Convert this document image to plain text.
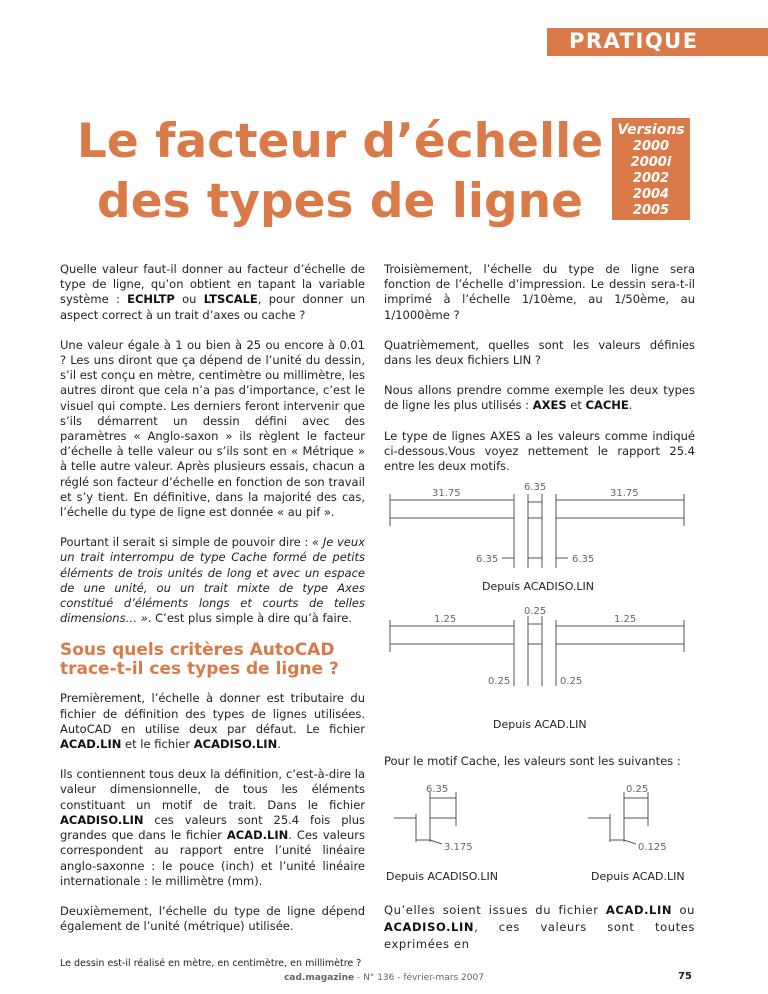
PRATIQUE
Le facteur d’échelle
des types de ligne
Versions
2000
2000i
2002
2004
2005

Quelle valeur faut-il donner au facteur d’échelle de type de ligne, qu’on obtient en tapant la variable système : ECHLTP ou LTSCALE, pour donner un aspect correct à un trait d’axes ou cache ?

Une valeur égale à 1 ou bien à 25 ou encore à 0.01 ? Les uns diront que ça dépend de l’unité du dessin, s’il est conçu en mètre, centimètre ou millimètre, les autres diront que cela n’a pas d’importance, c’est le visuel qui compte. Les derniers feront intervenir que s’ils démarrent un dessin défini avec des paramètres « Anglo-saxon » ils règlent le facteur d’échelle à telle valeur ou s’ils sont en « Métrique » à telle autre valeur. Après plusieurs essais, chacun a réglé son facteur d’échelle en fonction de son travail et s’y tient. En définitive, dans la majorité des cas, l’échelle du type de ligne est donnée « au pif ».

Pourtant il serait si simple de pouvoir dire : « Je veux un trait interrompu de type Cache formé de petits éléments de trois unités de long et avec un espace de une unité, ou un trait mixte de type Axes constitué d’éléments longs et courts de telles dimensions… ». C’est plus simple à dire qu’à faire.

Sous quels critères AutoCAD trace-t-il ces types de ligne ?

Premièrement, l’échelle à donner est tributaire du fichier de définition des types de lignes utilisées. AutoCAD en utilise deux par défaut. Le fichier ACAD.LIN et le fichier ACADISO.LIN.

Ils contiennent tous deux la définition, c’est-à-dire la valeur dimensionnelle, de tous les éléments constituant un motif de trait. Dans le fichier ACADISO.LIN ces valeurs sont 25.4 fois plus grandes que dans le fichier ACAD.LIN. Ces valeurs correspondent au rapport entre l’unité linéaire anglo-saxonne : le pouce (inch) et l’unité linéaire internationale : le millimètre (mm).

Deuxièmement, l’échelle du type de ligne dépend également de l’unité (métrique) utilisée.

Le dessin est-il réalisé en mètre, en centimètre, en millimètre ?

Troisièmement, l’échelle du type de ligne sera fonction de l’échelle d’impression. Le dessin sera-t-il imprimé à l’échelle 1/10ème, au 1/50ème, au 1/1000ème ?

Quatrièmement, quelles sont les valeurs définies dans les deux fichiers LIN ?

Nous allons prendre comme exemple les deux types de ligne les plus utilisés : AXES et CACHE.

Le type de lignes AXES a les valeurs comme indiqué ci-dessous.Vous voyez nettement le rapport 25.4 entre les deux motifs.

31.75
6.35
31.75
6.35	6.35
Depuis ACADISO.LIN
1.25
0.25
1.25
0.25	0.25
Depuis ACAD.LIN

Pour le motif Cache, les valeurs sont les suivantes :

6.35
3.175
Depuis ACADISO.LIN
0.25
0.125
Depuis ACAD.LIN

Qu’elles soient issues du fichier ACAD.LIN ou ACADISO.LIN, ces valeurs sont toutes exprimées en

cad.magazine - N° 136 - février-mars 2007	75
